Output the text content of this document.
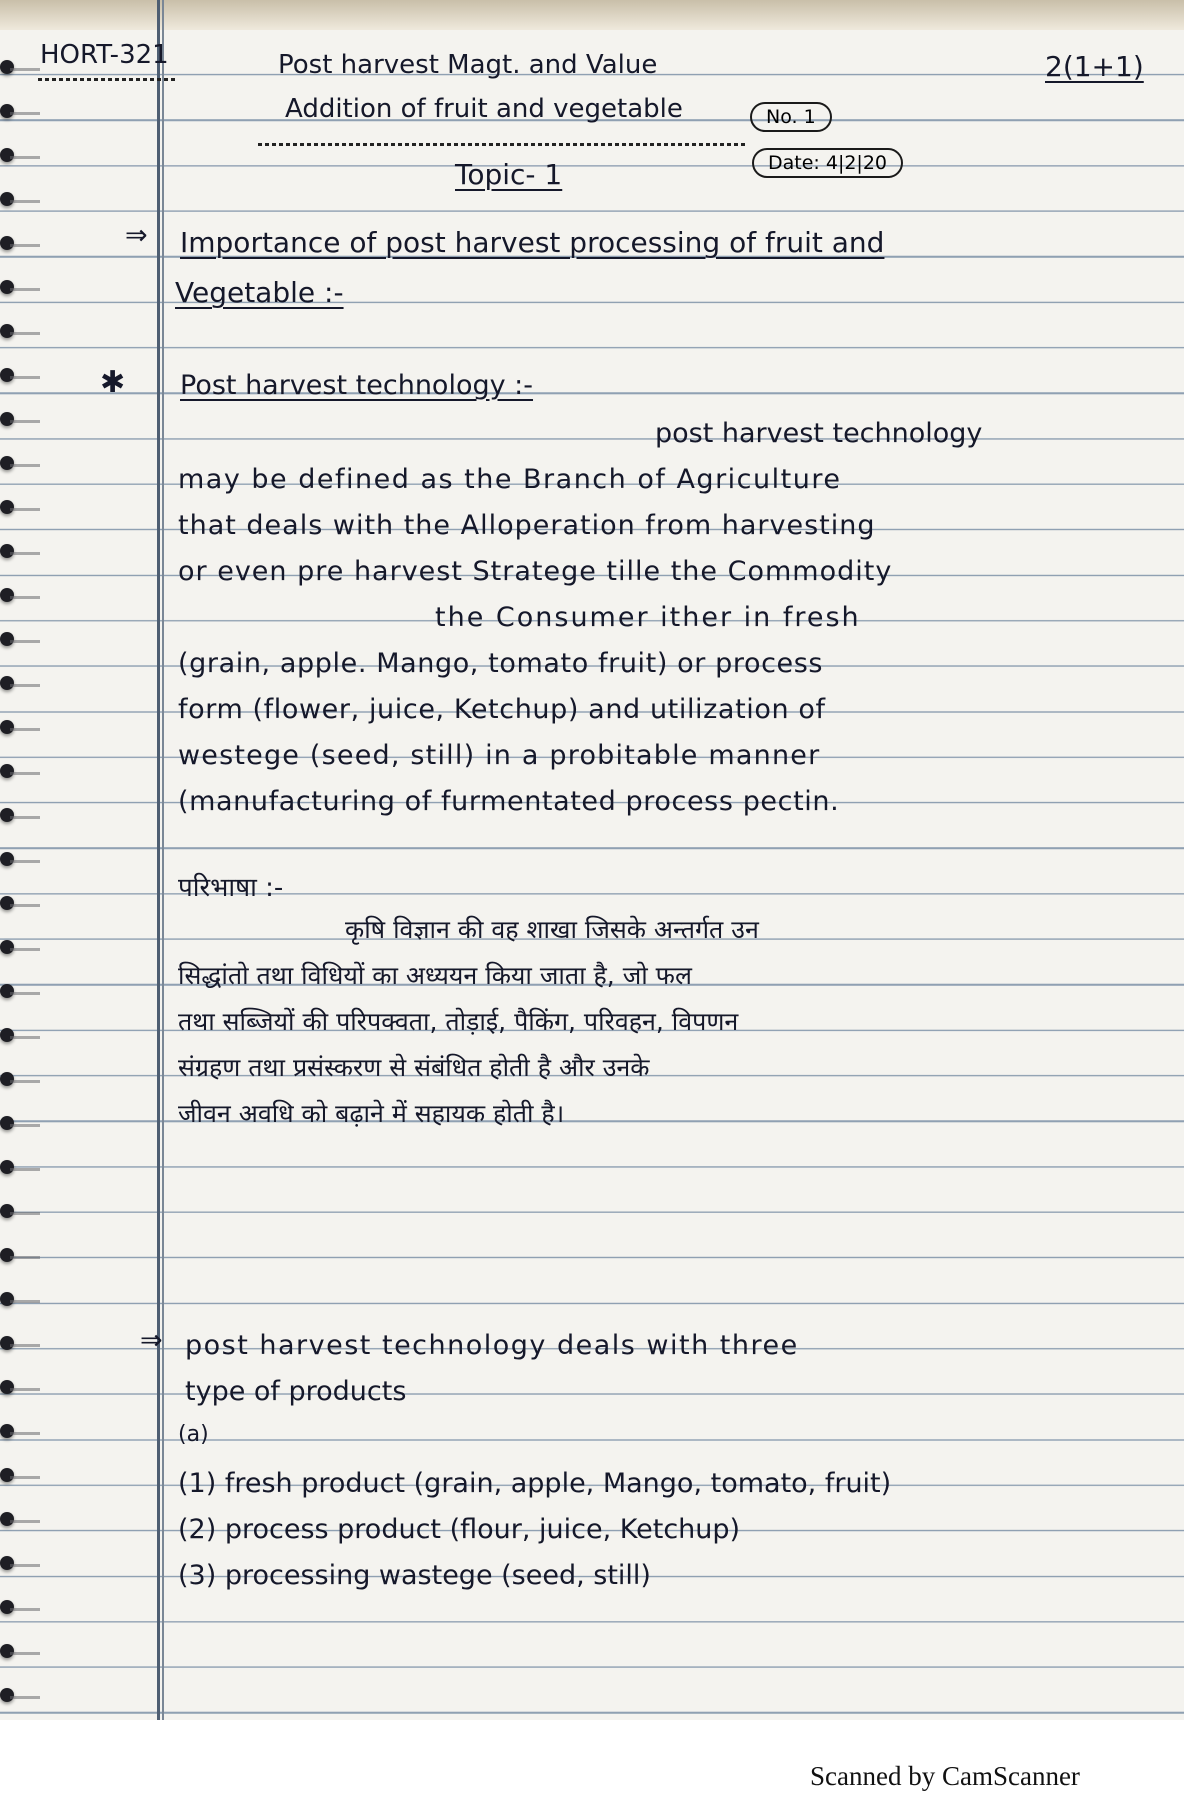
HORT-321	Post harvest Magt. and Value
Addition of fruit and vegetable
2(1+1)
No. 1
Date: 4|2|20
Topic- 1
⇒ Importance of post harvest processing of fruit and
Vegetable :-
✱ Post harvest technology :-
post harvest technology
may be defined as the Branch of Agriculture
that deals with the Alloperation from harvesting
or even pre harvest Stratege tille the Commodity
the Consumer ither in fresh
(grain, apple. Mango, tomato fruit) or process
form (flower, juice, Ketchup) and utilization of
westege (seed, still) in a probitable manner
(manufacturing of furmentated process pectin.
परिभाषा :-
कृषि विज्ञान की वह शाखा जिसके अन्तर्गत उन
सिद्धांतो तथा विधियों का अध्ययन किया जाता है, जो फल
तथा सब्जियों की परिपक्वता, तोड़ाई, पैकिंग, परिवहन, विपणन
संग्रहण तथा प्रसंस्करण से संबंधित होती है और उनके
जीवन अवधि को बढ़ाने में सहायक होती है।
⇒ post harvest technology deals with three
type of products
(a)
(1) fresh product (grain, apple, Mango, tomato, fruit)
(2) process product (flour, juice, Ketchup)
(3) processing wastege (seed, still)
Scanned by CamScanner
